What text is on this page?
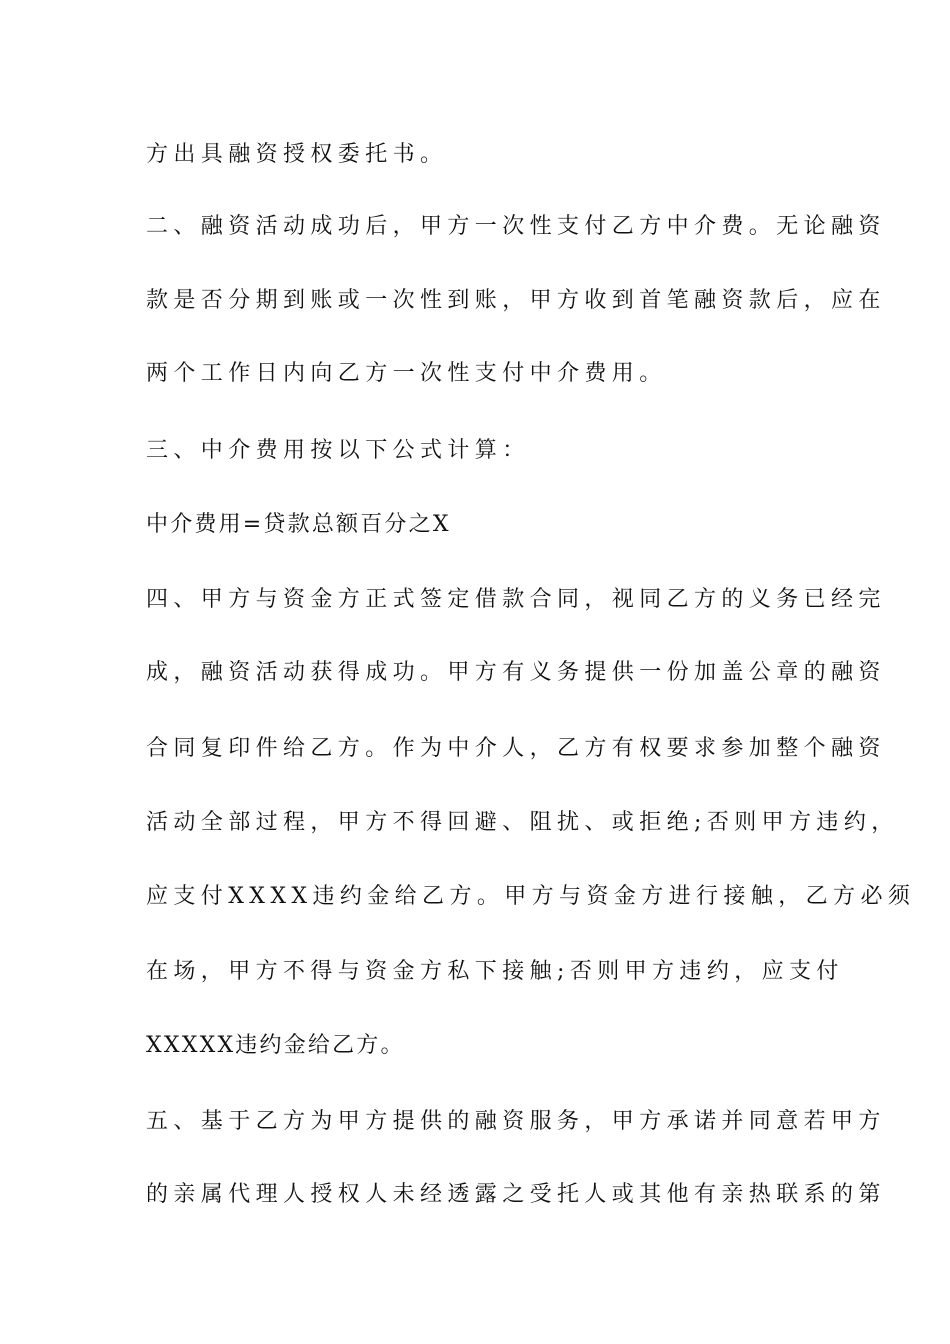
方出具融资授权委托书。
二、融资活动成功后，甲方一次性支付乙方中介费。无论融资
款是否分期到账或一次性到账，甲方收到首笔融资款后，应在
两个工作日内向乙方一次性支付中介费用。
三、中介费用按以下公式计算：
中介费用=贷款总额百分之X
四、甲方与资金方正式签定借款合同，视同乙方的义务已经完
成，融资活动获得成功。甲方有义务提供一份加盖公章的融资
合同复印件给乙方。作为中介人，乙方有权要求参加整个融资
活动全部过程，甲方不得回避、阻扰、或拒绝;否则甲方违约，
应支付XXXX违约金给乙方。甲方与资金方进行接触，乙方必须
在场，甲方不得与资金方私下接触;否则甲方违约，应支付
XXXXX违约金给乙方。
五、基于乙方为甲方提供的融资服务，甲方承诺并同意若甲方
的亲属代理人授权人未经透露之受托人或其他有亲热联系的第
